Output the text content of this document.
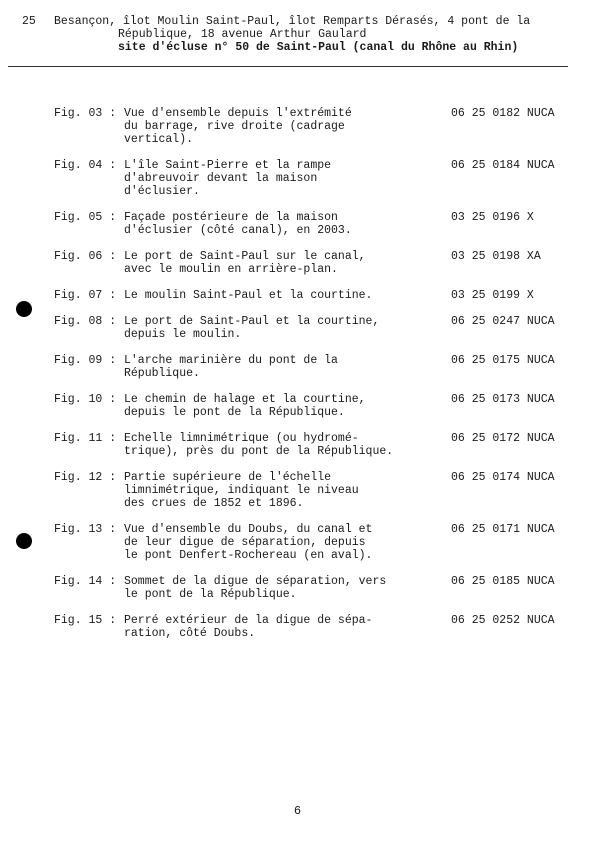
25 Besançon, îlot Moulin Saint-Paul, îlot Remparts Dérasés, 4 pont de la
République, 18 avenue Arthur Gaulard
site d'écluse n° 50 de Saint-Paul (canal du Rhône au Rhin)
Fig. 03 : Vue d'ensemble depuis l'extrémité
du barrage, rive droite (cadrage
vertical).
06 25 0182 NUCA
Fig. 04 : L'île Saint-Pierre et la rampe
d'abreuvoir devant la maison
d'éclusier.
06 25 0184 NUCA
Fig. 05 : Façade postérieure de la maison
d'éclusier (côté canal), en 2003.
03 25 0196 X
Fig. 06 : Le port de Saint-Paul sur le canal,
avec le moulin en arrière-plan.
03 25 0198 XA
Fig. 07 : Le moulin Saint-Paul et la courtine.	03 25 0199 X
Fig. 08 : Le port de Saint-Paul et la courtine,
depuis le moulin.
06 25 0247 NUCA
Fig. 09 : L'arche marinière du pont de la
République.
06 25 0175 NUCA
Fig. 10 : Le chemin de halage et la courtine,
depuis le pont de la République.
06 25 0173 NUCA
Fig. 11 : Echelle limnimétrique (ou hydromé-
trique), près du pont de la République.
06 25 0172 NUCA
Fig. 12 : Partie supérieure de l'échelle
limnimétrique, indiquant le niveau
des crues de 1852 et 1896.
06 25 0174 NUCA
Fig. 13 : Vue d'ensemble du Doubs, du canal et
de leur digue de séparation, depuis
le pont Denfert-Rochereau (en aval).
06 25 0171 NUCA
Fig. 14 : Sommet de la digue de séparation, vers
le pont de la République.
06 25 0185 NUCA
Fig. 15 : Perré extérieur de la digue de sépa-
ration, côté Doubs.
06 25 0252 NUCA
6
